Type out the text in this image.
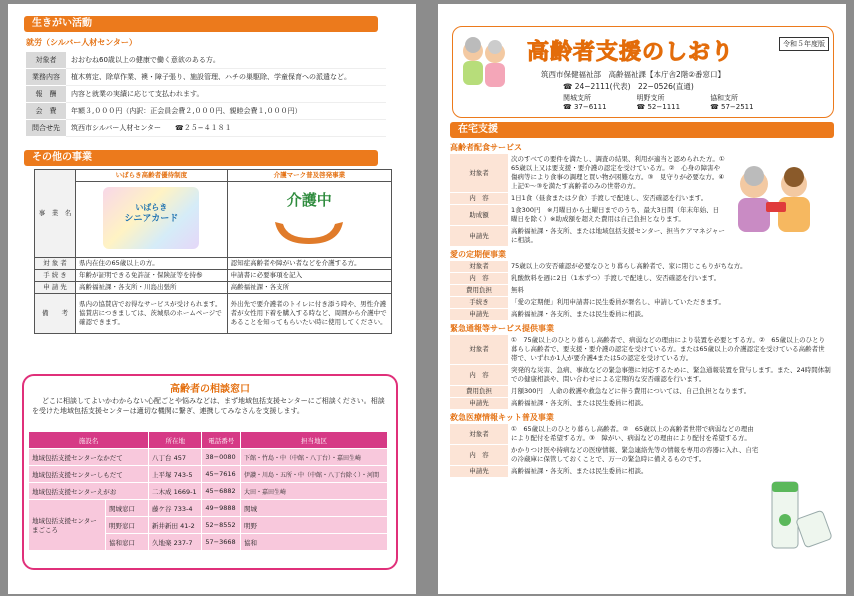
生きがい活動
就労（シルバー人材センター）
対象者	おおむね60歳以上の健康で働く意欲のある方。
業務内容	植木剪定、除草作業、襖・障子張り、施設管理、ハチの巣駆除、学童保育への派遣など。
報　酬	内容と就業の実績に応じて支払われます。
会　費	年額３,０００円（内訳：正会員会費２,０００円、親睦会費１,０００円）
問合せ先	筑西市シルバー人材センター　　☎２５−４１８１
その他の事業
事　業　名	いばらき高齢者優待制度	介護マーク普及啓発事業

	いばらき
シニアカード	介護中

対 象 者	県内在住の65歳以上の方。	認知症高齢者や障がい者などを介護する方。
手 続 き	年齢が証明できる免許証・保険証等を持参	申請書に必要事項を記入
申 請 先	高齢福祉課・各支所・川島出張所	高齢福祉課・各支所
備　　考	県内の協賛店でお得なサービスが受けられます。協賛店につきましては、茨城県のホームページで確認できます。	外出先で要介護者のトイレに付き添う時や、男性介護者が女性用下着を購入する時など、周囲から介護中であることを知ってもらいたい時に使用してください。
高齢者の相談窓口
どこに相談してよいかわからない心配ごとや悩みなどは、まず地域包括支援センターにご相談ください。相談を受けた地域包括支援センターは適切な機関に繋ぎ、連携してみなさんを支援します。
施設名		所在地	電話番号	担当地区
地域包括支援センターなかだて		八丁台 457	38−0080	下館・竹島・中（中館・八丁台）・嘉田生崎
地域包括支援センターしもだて		上平塚 743-5	45−7616	伊讃・川島・五所・中（中館・八丁台除く）・河間
地域包括支援センターえがお		二木成 1669-1	45−6882	大田・嘉田生崎
地域包括支援センターまごころ	関城窓口	藤ケ谷 733-4	49−9888	関城
	明野窓口	新井新田 41-2	52−8552	明野
	協和窓口	久地楽 237-7	57−3668	協和
令和５年度版
高齢者支援のしおり
筑西市保健福祉部　高齢福祉課【本庁舎2階②番窓口】
☎ 24−2111(代表)　22−0526(直通)
関城支所
☎ 37−6111
明野支所
☎ 52−1111
協和支所
☎ 57−2511
在宅支援
高齢者配食サービス
対象者	次のすべての要件を満たし、調査の結果、利用が適当と認められた方。①　65歳以上又は要支援・要介護の認定を受けている方。②　心身の障害や傷病等により食事の調理と買い物が困難な方。③　見守りが必要な方。④　上記①～③を満たす高齢者のみの世帯の方。
内　容	1日1食（昼食または夕食）手渡しで配達し、安否確認を行います。
助成額	1食300円　※月曜日から土曜日までのうち、最大3日間（年末年始、日曜日を除く）※助成額を超えた費用は自己負担となります。
申請先	高齢福祉課・各支所、または地域包括支援センター、担当ケアマネジャーに相談。
愛の定期便事業
対象者	75歳以上の安否確認が必要なひとり暮らし高齢者で、家に閉じこもりがちな方。
内　容	乳酸飲料を週に2日（1本ずつ）手渡しで配達し、安否確認を行います。
費用負担	無料
手続き	「愛の定期便」利用申請書に民生委員が署名し、申請していただきます。
申請先	高齢福祉課・各支所、または民生委員に相談。
緊急通報等サービス提供事業
対象者	①　75歳以上のひとり暮らし高齢者で、病弱などの理由により装置を必要とする方。②　65歳以上のひとり暮らし高齢者で、要支援・要介護の認定を受けている方。または65歳以上の介護認定を受けている高齢者世帯で、いずれか1人が要介護4または5の認定を受けている方。
内　容	突発的な災害、急病、事故などの緊急事態に対応するために、緊急通報装置を貸与します。また、24時間体制での健康相談や、問い合わせによる定期的な安否確認を行います。
費用負担	月額300円　人命の救護や救急などに伴う費用については、自己負担となります。
申請先	高齢福祉課・各支所、または民生委員に相談。
救急医療情報キット普及事業
対象者	①　65歳以上のひとり暮らし高齢者。②　65歳以上の高齢者世帯で病弱などの理由により配付を希望する方。③　障がい、病弱などの理由により配付を希望する方。
内　容	かかりつけ医や持病などの医療情報、緊急連絡先等の情報を専用の容器に入れ、自宅の冷蔵庫に保管しておくことで、万一の緊急時に備えるものです。
申請先	高齢福祉課・各支所、または民生委員に相談。
